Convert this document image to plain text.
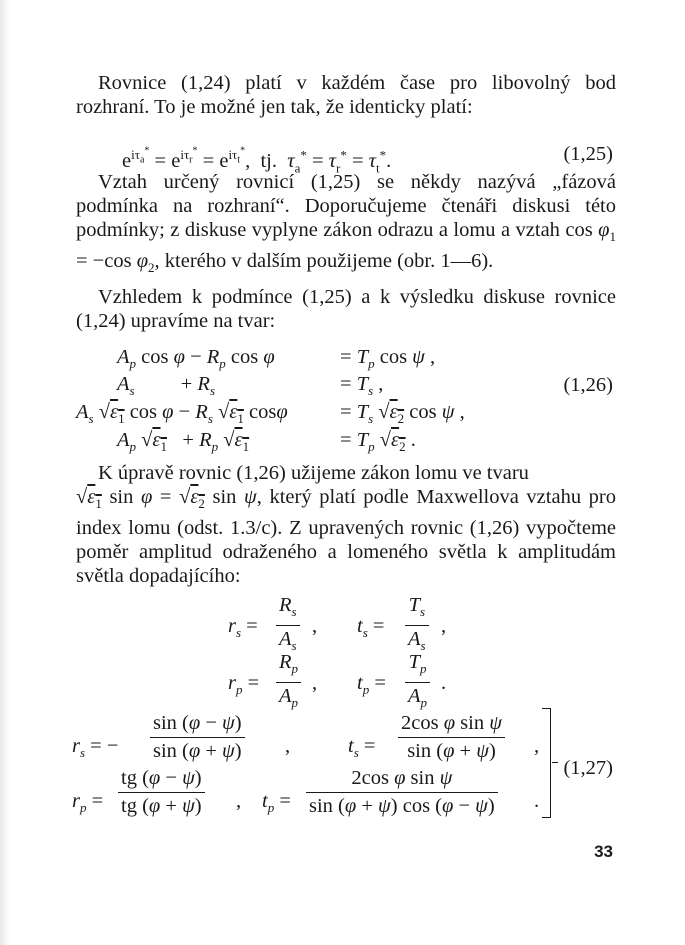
Rovnice (1,24) platí v každém čase pro libovolný bod rozhraní. To je možné jen tak, že identicky platí:
$e^{i\tau_a^*} = e^{i\tau_r^*} = e^{i\tau_t^*}$,  tj.  $\tau_a^* = \tau_r^* = \tau_t^*$.	(1,25)
Vztah určený rovnicí (1,25) se někdy nazývá „fázová podmínka na rozhraní“. Doporučujeme čtenáři diskusi této podmínky; z diskuse vyplyne zákon odrazu a lomu a vztah $\cos \varphi_1 = -\cos$ $\varphi_2$, kterého v dalším použijeme (obr. 1—6).
Vzhledem k podmínce (1,25) a k výsledku diskuse rovnice (1,24) upravíme na tvar:
$A_p$ $\cos \varphi - R_p$ cos φ	= $T_p$ cos ψ ,
$A_s$         + $R_s$	= $T_s$ ,
$A_s$ $√\varepsilon_1$ $\cos \varphi - R_s$ $√\varepsilon_1$ cosφ	= $T_s$ $√\varepsilon_2$ cos ψ ,
$A_p$ $√\varepsilon_1 + R_p$ $√\varepsilon_1$	= $T_p$ $√\varepsilon_2$ .
(1,26)
K úpravě rovnic (1,26) užijeme zákon lomu ve tvaru
$√\varepsilon_1$ $\sin \varphi = √\varepsilon_2$ sin ψ, který platí podle Maxwellova vztahu pro index lomu (odst. 1.3/c). Z upravených rovnic (1,26) vypočteme poměr amplitud odraženého a lomeného světla k amplitudám světla dopadajícího:
$r_s$ =
$R_s$
$A_s$
, $t_s$ =
$T_s$
$A_s$
,
$r_p$ =
$R_p$
$A_p$
, $t_p$ =
$T_p$
$A_p$
.
$r_s$ = −
sin (φ − ψ)
sin (φ + ψ) ,	$t_s$ =
2cos φ sin ψ
sin (φ + ψ) ,
$r_p$ =
tg (φ − ψ)
tg (φ + ψ) , $t_p$ =
2cos φ sin ψ
sin (φ + ψ) cos (φ − ψ) .
(1,27)
33
